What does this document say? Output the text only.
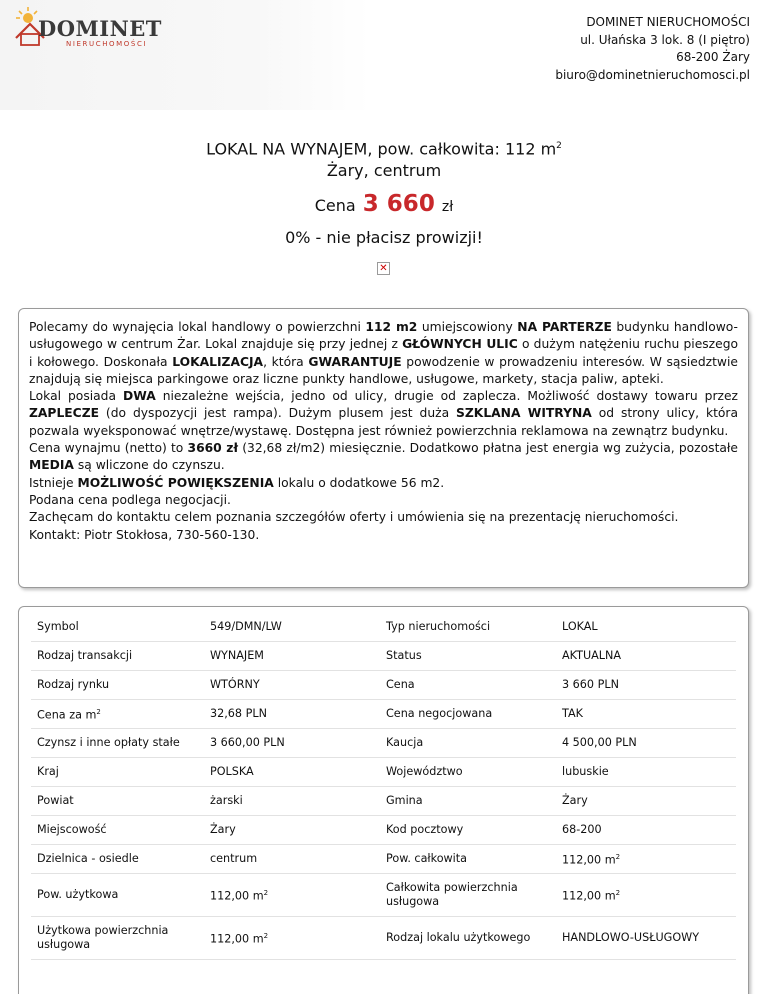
DOMINET
NIERUCHOMOŚCI
DOMINET NIERUCHOMOŚCI
ul. Ułańska 3 lok. 8 (I piętro)
68-200 Żary
biuro@dominetnieruchomosci.pl
LOKAL NA WYNAJEM, pow. całkowita: 112 $m^2$
Żary, centrum
Cena 3 660 zł
0% - nie płacisz prowizji!
✕

Polecamy do wynajęcia lokal handlowy o powierzchni 112 m2 umiejscowiony NA PARTERZE budynku handlowo-usługowego w centrum Żar. Lokal znajduje się przy jednej z GŁÓWNYCH ULIC o dużym natężeniu ruchu pieszego i kołowego. Doskonała LOKALIZACJA, która GWARANTUJE powodzenie w prowadzeniu interesów. W sąsiedztwie znajdują się miejsca parkingowe oraz liczne punkty handlowe, usługowe, markety, stacja paliw, apteki.

Lokal posiada DWA niezależne wejścia, jedno od ulicy, drugie od zaplecza. Możliwość dostawy towaru przez ZAPLECZE (do dyspozycji jest rampa). Dużym plusem jest duża SZKLANA WITRYNA od strony ulicy, która pozwala wyeksponować wnętrze/wystawę. Dostępna jest również powierzchnia reklamowa na zewnątrz budynku.

Cena wynajmu (netto) to 3660 zł (32,68 zł/m2) miesięcznie. Dodatkowo płatna jest energia wg zużycia, pozostałe MEDIA są wliczone do czynszu.

Istnieje MOŻLIWOŚĆ POWIĘKSZENIA lokalu o dodatkowe 56 m2.

Podana cena podlega negocjacji.

Zachęcam do kontaktu celem poznania szczegółów oferty i umówienia się na prezentację nieruchomości.

Kontakt: Piotr Stokłosa, 730-560-130.

Symbol	549/DMN/LW	Typ nieruchomości	LOKAL
Rodzaj transakcji	WYNAJEM	Status	AKTUALNA
Rodzaj rynku	WTÓRNY	Cena	3 660 PLN
Cena za $m^2$	32,68 PLN	Cena negocjowana	TAK
Czynsz i inne opłaty stałe	3 660,00 PLN	Kaucja	4 500,00 PLN
Kraj	POLSKA	Województwo	lubuskie
Powiat	żarski	Gmina	Żary
Miejscowość	Żary	Kod pocztowy	68-200
Dzielnica - osiedle	centrum	Pow. całkowita	112,00 $m^2$
Pow. użytkowa	112,00 $m^2$	Całkowita powierzchnia usługowa	112,00 $m^2$
Użytkowa powierzchnia usługowa	112,00 $m^2$	Rodzaj lokalu użytkowego	HANDLOWO-USŁUGOWY
